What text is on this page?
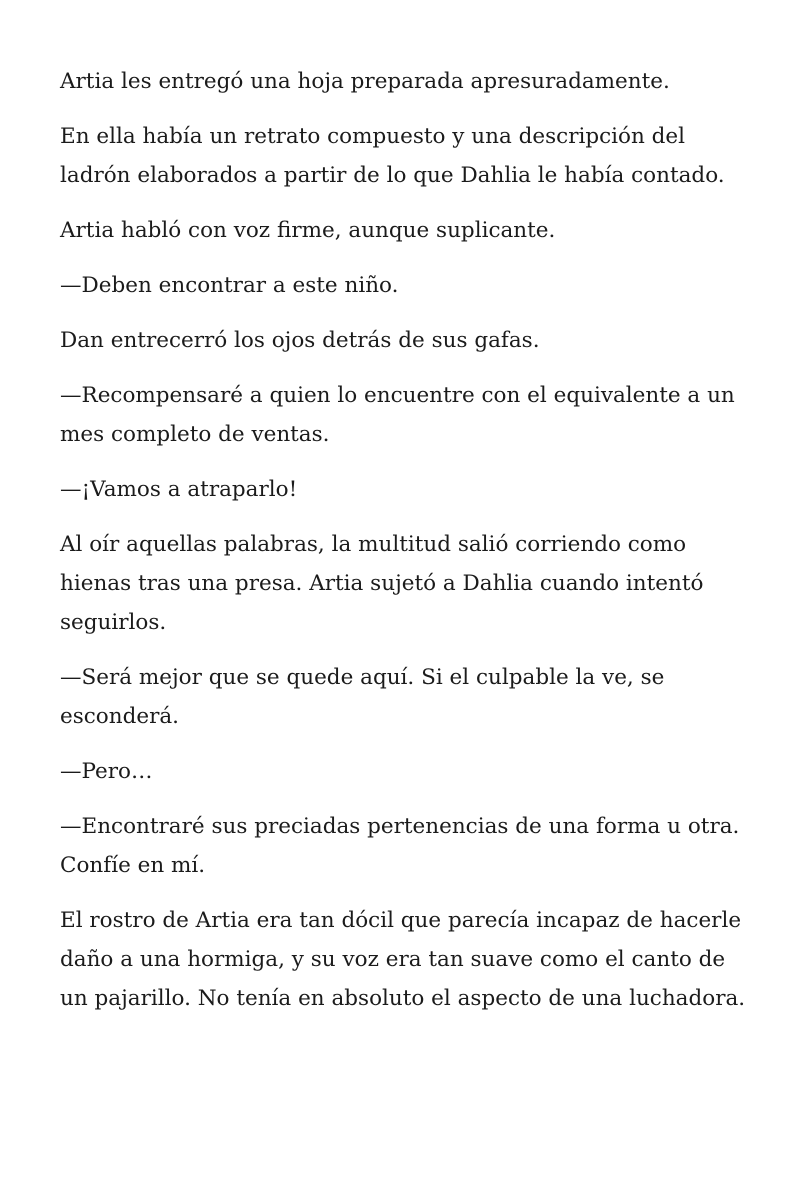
Artia les entregó una hoja preparada apresuradamente.

En ella había un retrato compuesto y una descripción del ladrón elaborados a partir de lo que Dahlia le había contado.

Artia habló con voz firme, aunque suplicante.

—Deben encontrar a este niño.

Dan entrecerró los ojos detrás de sus gafas.

—Recompensaré a quien lo encuentre con el equivalente a un mes completo de ventas.

—¡Vamos a atraparlo!

Al oír aquellas palabras, la multitud salió corriendo como hienas tras una presa. Artia sujetó a Dahlia cuando intentó seguirlos.

—Será mejor que se quede aquí. Si el culpable la ve, se esconderá.

—Pero…

—Encontraré sus preciadas pertenencias de una forma u otra. Confíe en mí.

El rostro de Artia era tan dócil que parecía incapaz de hacerle daño a una hormiga, y su voz era tan suave como el canto de un pajarillo. No tenía en absoluto el aspecto de una luchadora.
